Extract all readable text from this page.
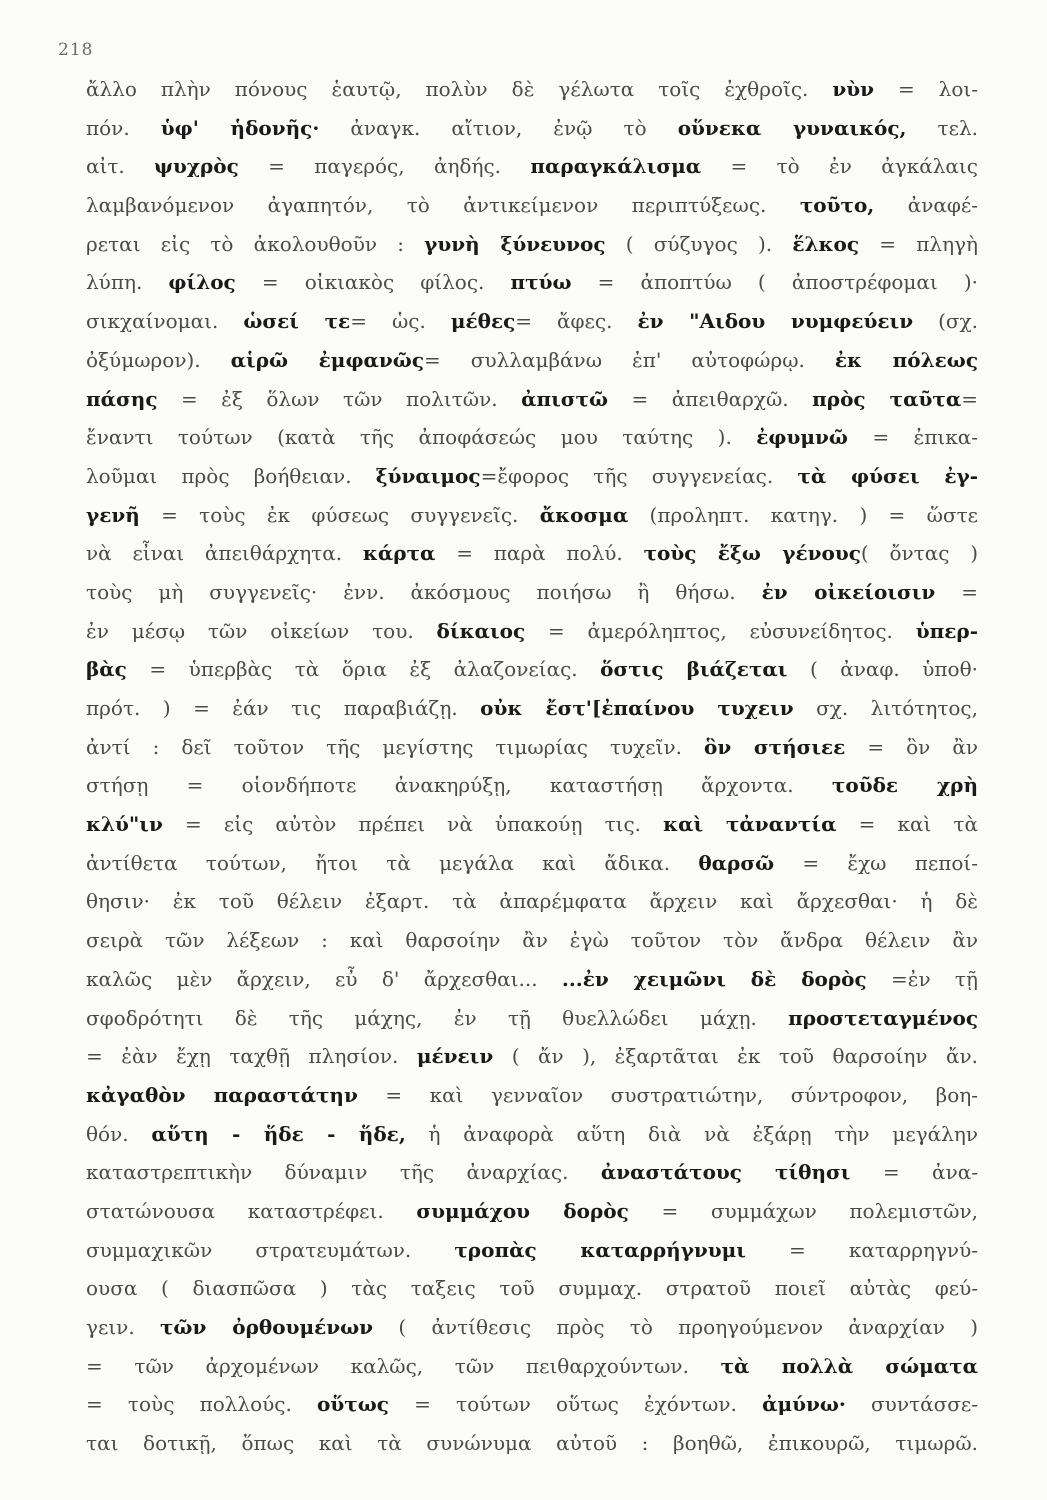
218
ἄλλο πλὴν πόνους ἑαυτῷ, πολὺν δὲ γέλωτα τοῖς ἐχθροῖς. νὺν = λοι-
πόν. ὑφ' ἡδονῆς· ἀναγκ. αἴτιον, ἐνῷ τὸ οὕνεκα γυναικός, τελ.
αἰτ. ψυχρὸς = παγερός, ἀηδής. παραγκάλισμα = τὸ ἐν ἀγκάλαις
λαμβανόμενον ἀγαπητόν, τὸ ἀντικείμενον περιπτύξεως. τοῦτο, ἀναφέ-
ρεται εἰς τὸ ἀκολουθοῦν : γυνὴ ξύνευνος ( σύζυγος ). ἕλκος = πληγὴ
λύπη. φίλος = οἰκιακὸς φίλος. πτύω = ἀποπτύω ( ἀποστρέφομαι )·
σικχαίνομαι. ὡσεί τε= ὡς. μέθες= ἄφες. ἐν "Αιδου νυμφεύειν (σχ.
ὀξύμωρον). αἱρῶ ἐμφανῶς= συλλαμβάνω ἐπ' αὐτοφώρῳ. ἐκ πόλεως
πάσης = ἐξ ὅλων τῶν πολιτῶν. ἀπιστῶ = ἀπειθαρχῶ. πρὸς ταῦτα=
ἔναντι τούτων (κατὰ τῆς ἀποφάσεώς μου ταύτης ). ἐφυμνῶ = ἐπικα-
λοῦμαι πρὸς βοήθειαν. ξύναιμος=ἔφορος τῆς συγγενείας. τὰ φύσει ἐγ-
γενῆ = τοὺς ἐκ φύσεως συγγενεῖς. ἄκοσμα (προληπτ. κατηγ. ) = ὥστε
νὰ εἶναι ἀπειθάρχητα. κάρτα = παρὰ πολύ. τοὺς ἔξω γένους( ὄντας )
τοὺς μὴ συγγενεῖς· ἐνν. ἀκόσμους ποιήσω ἢ θήσω. ἐν οἰκείοισιν =
ἐν μέσῳ τῶν οἰκείων του. δίκαιος = ἀμερόληπτος, εὐσυνείδητος. ὑπερ-
βὰς = ὑπερβὰς τὰ ὅρια ἐξ ἀλαζονείας. ὅστις βιάζεται ( ἀναφ. ὑποθ·
πρότ. ) = ἐάν τις παραβιάζῃ. οὐκ ἔστ'[ἐπαίνου τυχειν σχ. λιτότητος,
ἀντί : δεῖ τοῦτον τῆς μεγίστης τιμωρίας τυχεῖν. ὃν στήσιεε = ὃν ἂν
στήσῃ = οἱονδήποτε ἀνακηρύξῃ, καταστήσῃ ἄρχοντα. τοῦδε χρὴ
κλύ"ιν = εἰς αὐτὸν πρέπει νὰ ὑπακούῃ τις. καὶ τἀναντία = καὶ τὰ
ἀντίθετα τούτων, ἤτοι τὰ μεγάλα καὶ ἄδικα. θαρσῶ = ἔχω πεποί-
θησιν· ἐκ τοῦ θέλειν ἐξαρτ. τὰ ἀπαρέμφατα ἄρχειν καὶ ἄρχεσθαι· ἡ δὲ
σειρὰ τῶν λέξεων : καὶ θαρσοίην ἂν ἐγὼ τοῦτον τὸν ἄνδρα θέλειν ἂν
καλῶς μὲν ἄρχειν, εὖ δ' ἄρχεσθαι... ...ἐν χειμῶνι δὲ δορὸς =ἐν τῇ
σφοδρότητι δὲ τῆς μάχης, ἐν τῇ θυελλώδει μάχῃ. προστεταγμένος
= ἐὰν ἔχῃ ταχθῇ πλησίον. μένειν ( ἄν ), ἐξαρτᾶται ἐκ τοῦ θαρσοίην ἄν.
κἀγαθὸν παραστάτην = καὶ γενναῖον συστρατιώτην, σύντροφον, βοη-
θόν. αὕτη - ἥδε - ἥδε, ἡ ἀναφορὰ αὕτη διὰ νὰ ἐξάρῃ τὴν μεγάλην
καταστρεπτικὴν δύναμιν τῆς ἀναρχίας. ἀναστάτους τίθησι = ἀνα-
στατώνουσα καταστρέφει. συμμάχου δορὸς = συμμάχων πολεμιστῶν,
συμμαχικῶν στρατευμάτων. τροπὰς καταρρήγνυμι = καταρρηγνύ-
ουσα ( διασπῶσα ) τὰς ταξεις τοῦ συμμαχ. στρατοῦ ποιεῖ αὐτὰς φεύ-
γειν. τῶν ὀρθουμένων ( ἀντίθεσις πρὸς τὸ προηγούμενον ἀναρχίαν )
= τῶν ἀρχομένων καλῶς, τῶν πειθαρχούντων. τὰ πολλὰ σώματα
= τοὺς πολλούς. οὕτως = τούτων οὕτως ἐχόντων. ἀμύνω· συντάσσε-
ται δοτικῇ, ὅπως καὶ τὰ συνώνυμα αὐτοῦ : βοηθῶ, ἐπικουρῶ, τιμωρῶ.
